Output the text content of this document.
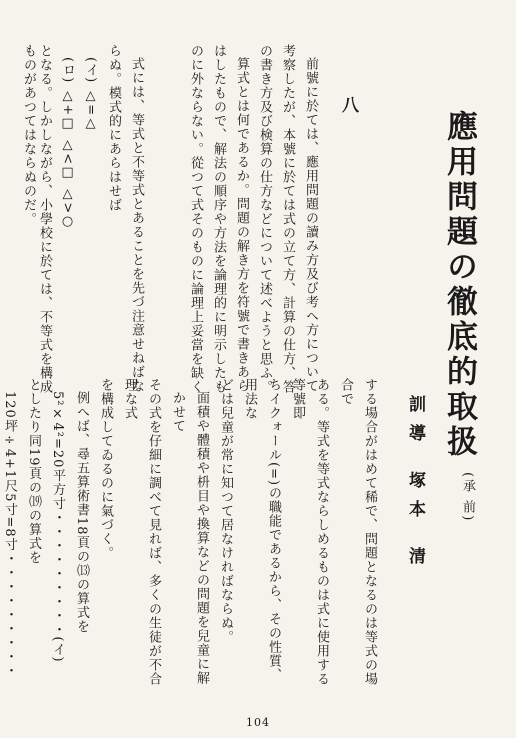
應用問題の徹底的取扱
(承 前)
訓導塚本 清
する場合がはめて稀で、問題となるのは等式の場合で
ある。等式を等式ならしめるものは式に使用する等號即
ちイクォール(=)の職能であるから、その性質、用法な
どは兒童が常に知つて居なければならぬ。
面積や體積や枡目や換算などの問題を兒童に解かせて
その式を仔細に調べて見れば、多くの生徒が不合理な式
を構成してゐるのに氣づく。
例へば、尋五算術書18頁の⒀の算式を
5²×4²=20平方寸・・・・・・・・・(イ)
としたり同19頁の⒆の算式を
120坪÷4+1尺5寸=8寸・・・・・・・・・
八
前號に於ては、應用問題の讀み方及び考へ方について
考察したが、本號に於ては式の立て方、計算の仕方、答
の書き方及び検算の仕方などについて述べようと思ふ。
算式とは何であるか。問題の解き方を符號で書きあら
はしたもので、解法の順序や方法を論理的に明示したも
のに外ならない。從つて式そのものに論理上妥當を缺く
ものがあつてはならぬのだ。	式には、等式と不等式とあることを先づ注意せねばな
らぬ。模式的にあらはせば
(イ) △=△
(ロ) △+□ △<□ △>○
となる。しかしながら、小學校に於ては、不等式を構成
104
